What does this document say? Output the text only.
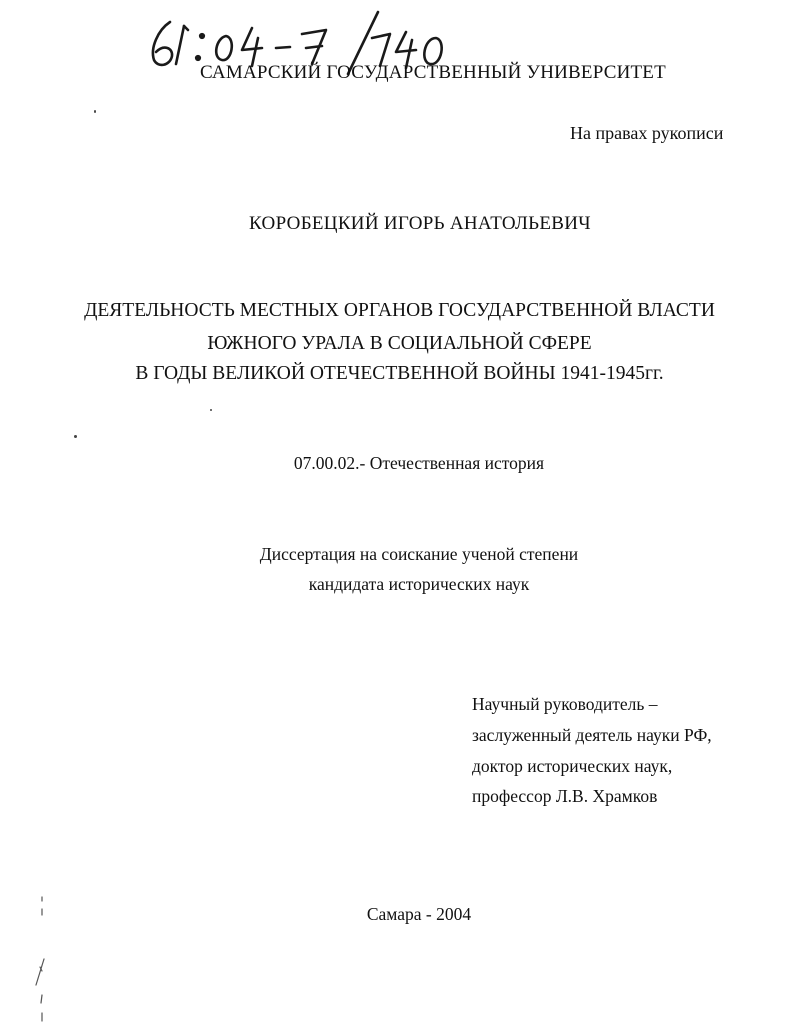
САМАРСКИЙ ГОСУДАРСТВЕННЫЙ УНИВЕРСИТЕТ
На правах рукописи
КОРОБЕЦКИЙ ИГОРЬ АНАТОЛЬЕВИЧ
ДЕЯТЕЛЬНОСТЬ МЕСТНЫХ ОРГАНОВ ГОСУДАРСТВЕННОЙ ВЛАСТИ
ЮЖНОГО УРАЛА В СОЦИАЛЬНОЙ СФЕРЕ
В ГОДЫ ВЕЛИКОЙ ОТЕЧЕСТВЕННОЙ ВОЙНЫ 1941-1945гг.
07.00.02.- Отечественная история
Диссертация на соискание ученой степени
кандидата исторических наук
Научный руководитель –
заслуженный деятель науки РФ,
доктор исторических наук,
профессор Л.В. Храмков
Самара - 2004
